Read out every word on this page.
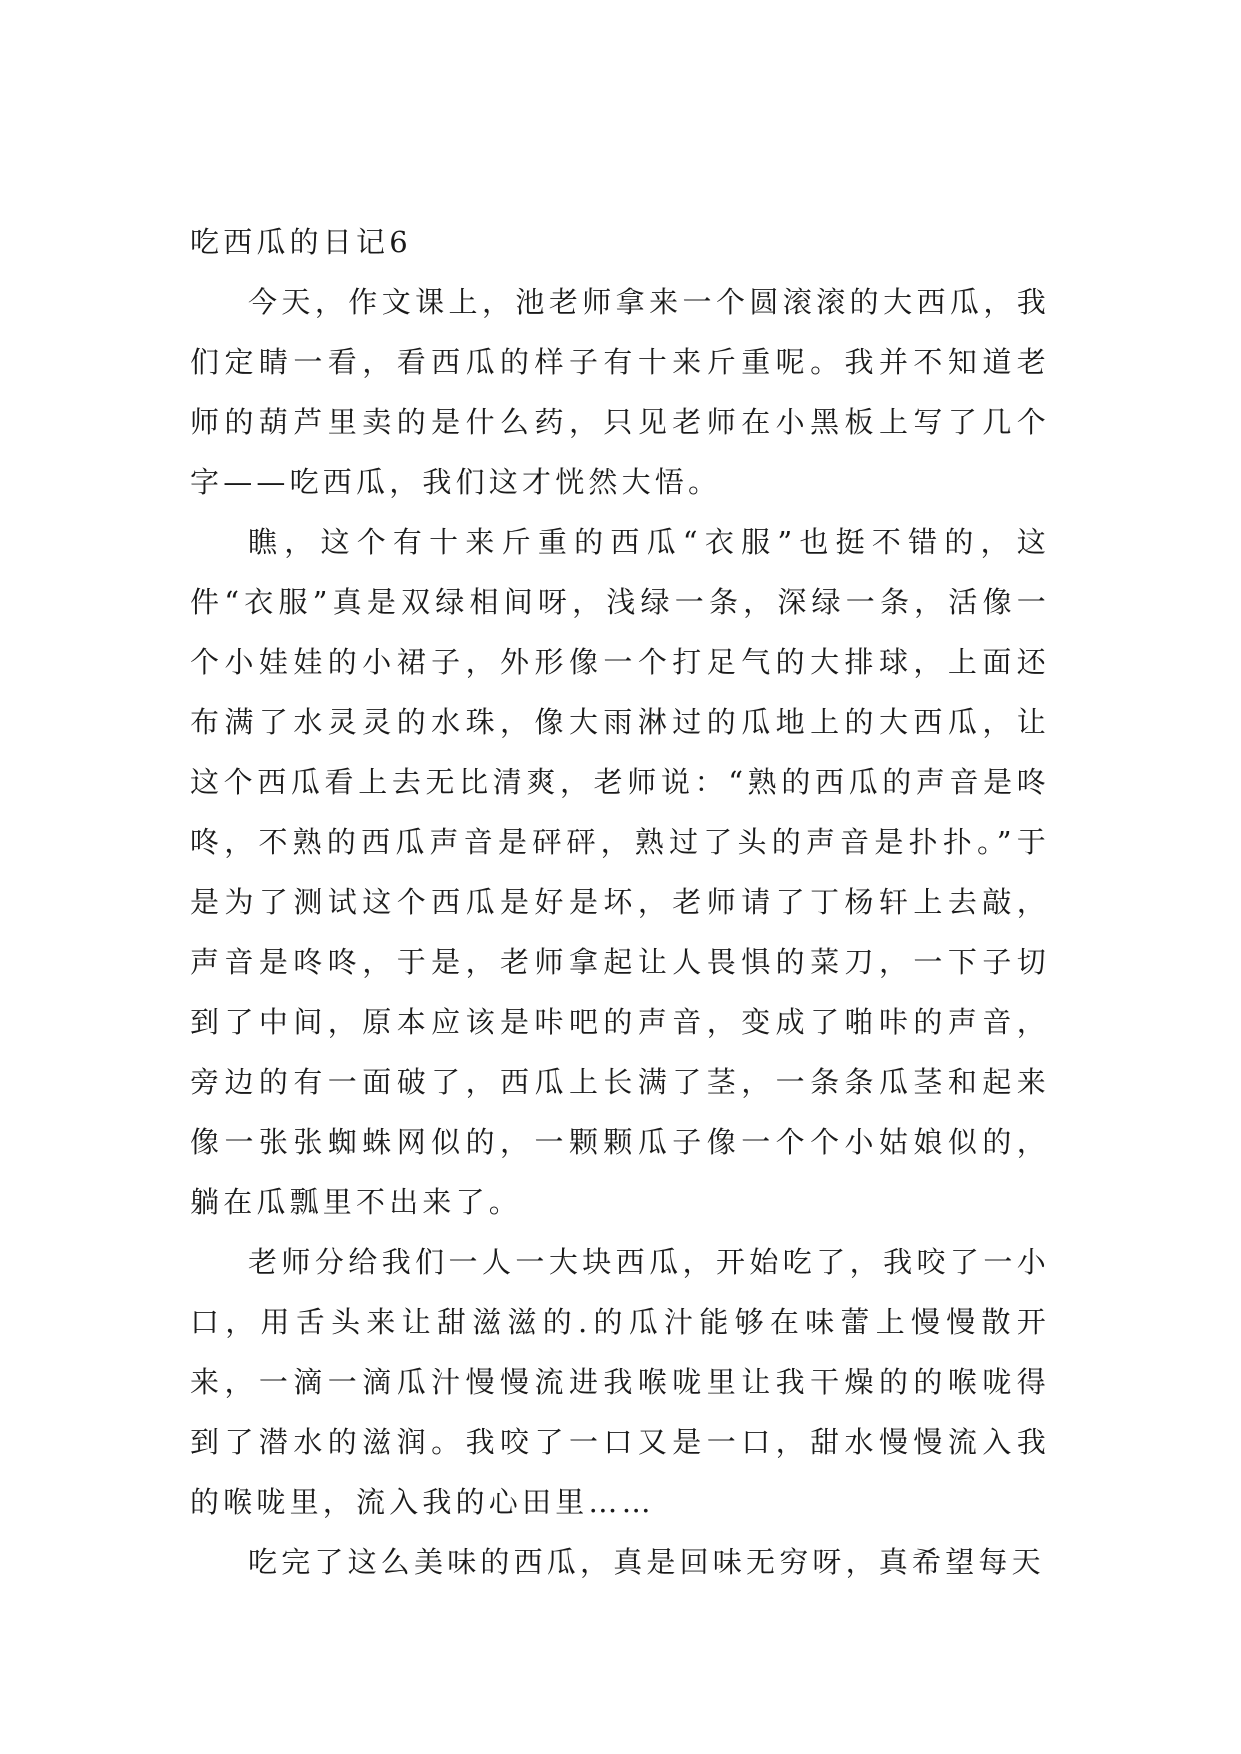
吃西瓜的日记6

今天，作文课上，池老师拿来一个圆滚滚的大西瓜，我们定睛一看，看西瓜的样子有十来斤重呢。我并不知道老师的葫芦里卖的是什么药，只见老师在小黑板上写了几个字——吃西瓜，我们这才恍然大悟。

瞧，这个有十来斤重的西瓜“衣服”也挺不错的，这件“衣服”真是双绿相间呀，浅绿一条，深绿一条，活像一个小娃娃的小裙子，外形像一个打足气的大排球，上面还布满了水灵灵的水珠，像大雨淋过的瓜地上的大西瓜，让这个西瓜看上去无比清爽，老师说：“熟的西瓜的声音是咚咚，不熟的西瓜声音是砰砰，熟过了头的声音是扑扑。”于是为了测试这个西瓜是好是坏，老师请了丁杨轩上去敲，声音是咚咚，于是，老师拿起让人畏惧的菜刀，一下子切到了中间，原本应该是咔吧的声音，变成了啪咔的声音，旁边的有一面破了，西瓜上长满了茎，一条条瓜茎和起来像一张张蜘蛛网似的，一颗颗瓜子像一个个小姑娘似的，躺在瓜瓢里不出来了。

老师分给我们一人一大块西瓜，开始吃了，我咬了一小口，用舌头来让甜滋滋的.的瓜汁能够在味蕾上慢慢散开来，一滴一滴瓜汁慢慢流进我喉咙里让我干燥的的喉咙得到了潜水的滋润。我咬了一口又是一口，甜水慢慢流入我的喉咙里，流入我的心田里……

吃完了这么美味的西瓜，真是回味无穷呀，真希望每天
